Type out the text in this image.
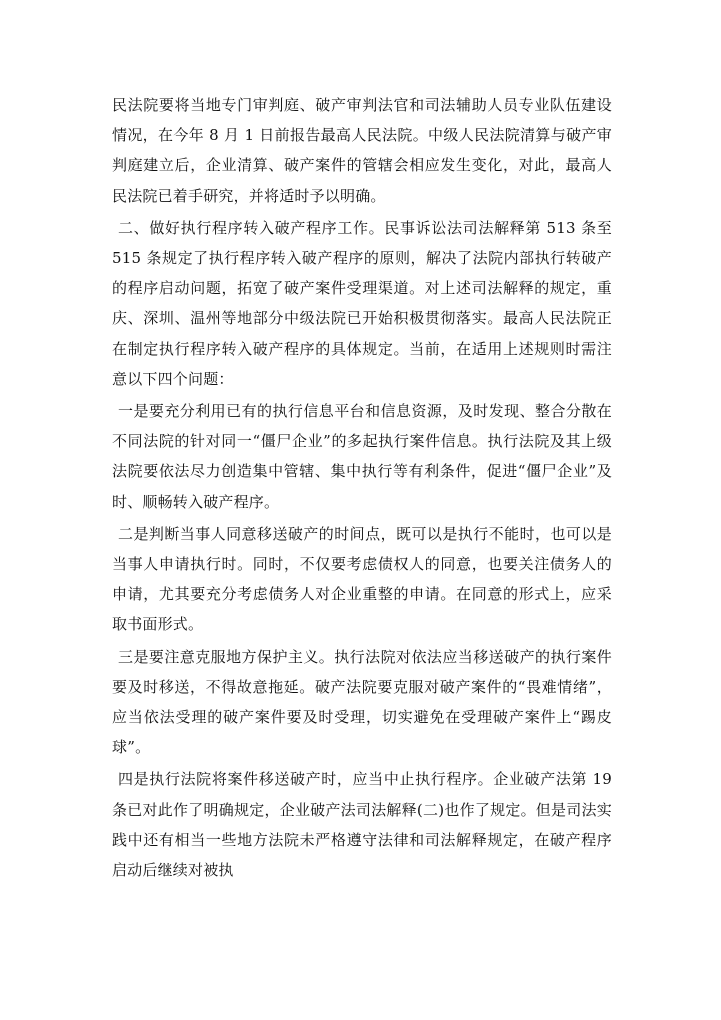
民法院要将当地专门审判庭、破产审判法官和司法辅助人员专业队伍建设情况，在今年 8 月 1 日前报告最高人民法院。中级人民法院清算与破产审判庭建立后，企业清算、破产案件的管辖会相应发生变化，对此，最高人民法院已着手研究，并将适时予以明确。

二、做好执行程序转入破产程序工作。民事诉讼法司法解释第 513 条至 515 条规定了执行程序转入破产程序的原则，解决了法院内部执行转破产的程序启动问题，拓宽了破产案件受理渠道。对上述司法解释的规定，重庆、深圳、温州等地部分中级法院已开始积极贯彻落实。最高人民法院正在制定执行程序转入破产程序的具体规定。当前，在适用上述规则时需注意以下四个问题：

一是要充分利用已有的执行信息平台和信息资源，及时发现、整合分散在不同法院的针对同一“僵尸企业”的多起执行案件信息。执行法院及其上级法院要依法尽力创造集中管辖、集中执行等有利条件，促进“僵尸企业”及时、顺畅转入破产程序。

二是判断当事人同意移送破产的时间点，既可以是执行不能时，也可以是当事人申请执行时。同时，不仅要考虑债权人的同意，也要关注债务人的申请，尤其要充分考虑债务人对企业重整的申请。在同意的形式上，应采取书面形式。

三是要注意克服地方保护主义。执行法院对依法应当移送破产的执行案件要及时移送，不得故意拖延。破产法院要克服对破产案件的“畏难情绪”，应当依法受理的破产案件要及时受理，切实避免在受理破产案件上“踢皮球”。

四是执行法院将案件移送破产时，应当中止执行程序。企业破产法第 19 条已对此作了明确规定，企业破产法司法解释(二)也作了规定。但是司法实践中还有相当一些地方法院未严格遵守法律和司法解释规定，在破产程序启动后继续对被执
